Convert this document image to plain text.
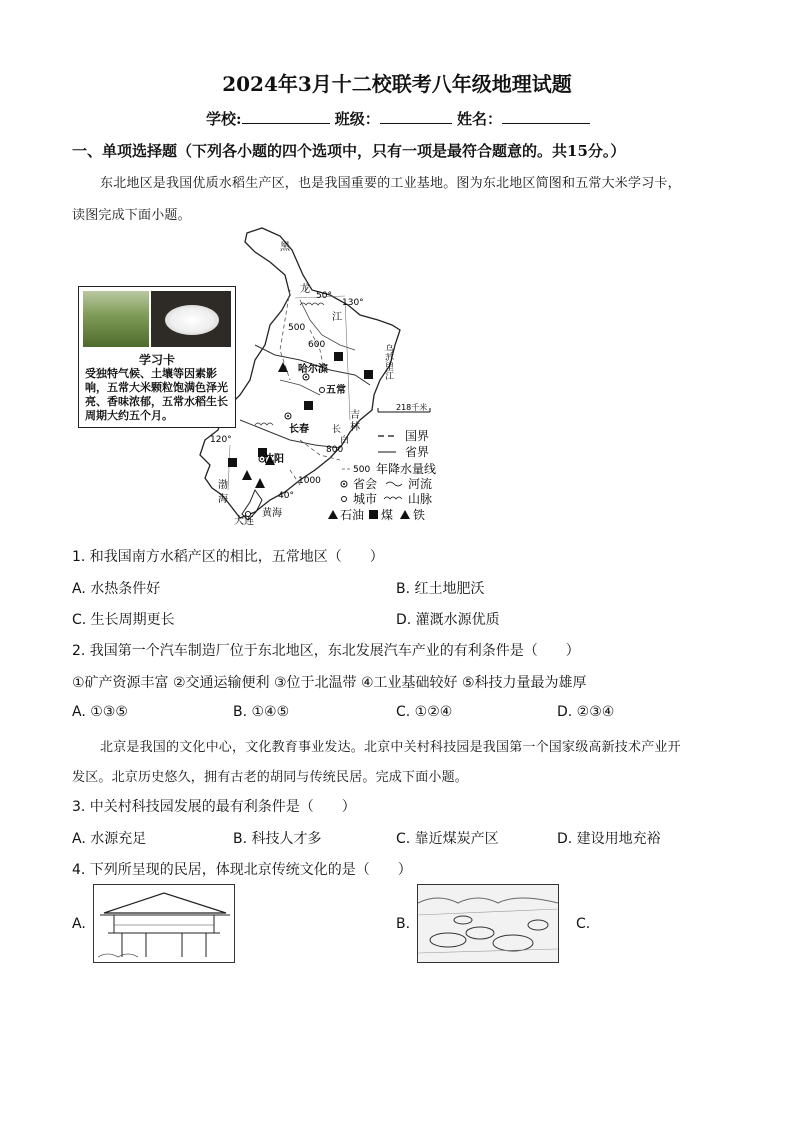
2024年3月十二校联考八年级地理试题
学校:	班级：	姓名：
一、单项选择题（下列各小题的四个选项中，只有一项是最符合题意的。共15分。）
东北地区是我国优质水稻生产区，也是我国重要的工业基地。图为东北地区简图和五常大米学习卡，
读图完成下面小题。
黑
龙
50°
130°
500
江
600
哈尔滨
五常
长春
800
沈阳
1000
120°
40°
渤
海
黄海
大连
吉
林
长
白
乌苏里江
218千米
国界
省界
500 年降水量线
省会	河流
城市	山脉
石油 煤 铁
学习卡
受独特气候、土壤等因素影响，五常大米颗粒饱满色泽光亮、香味浓郁，五常水稻生长周期大约五个月。
1. 和我国南方水稻产区的相比，五常地区（　　）
A. 水热条件好	B. 红土地肥沃
C. 生长周期更长	D. 灌溉水源优质
2. 我国第一个汽车制造厂位于东北地区，东北发展汽车产业的有利条件是（　　）
①矿产资源丰富 ②交通运输便利 ③位于北温带 ④工业基础较好 ⑤科技力量最为雄厚
A. ①③⑤	B. ①④⑤	C. ①②④	D. ②③④
北京是我国的文化中心，文化教育事业发达。北京中关村科技园是我国第一个国家级高新技术产业开
发区。北京历史悠久，拥有古老的胡同与传统民居。完成下面小题。
3. 中关村科技园发展的最有利条件是（　　）
A. 水源充足	B. 科技人才多	C. 靠近煤炭产区	D. 建设用地充裕
4. 下列所呈现的民居，体现北京传统文化的是（　　）
A.	B.	C.
